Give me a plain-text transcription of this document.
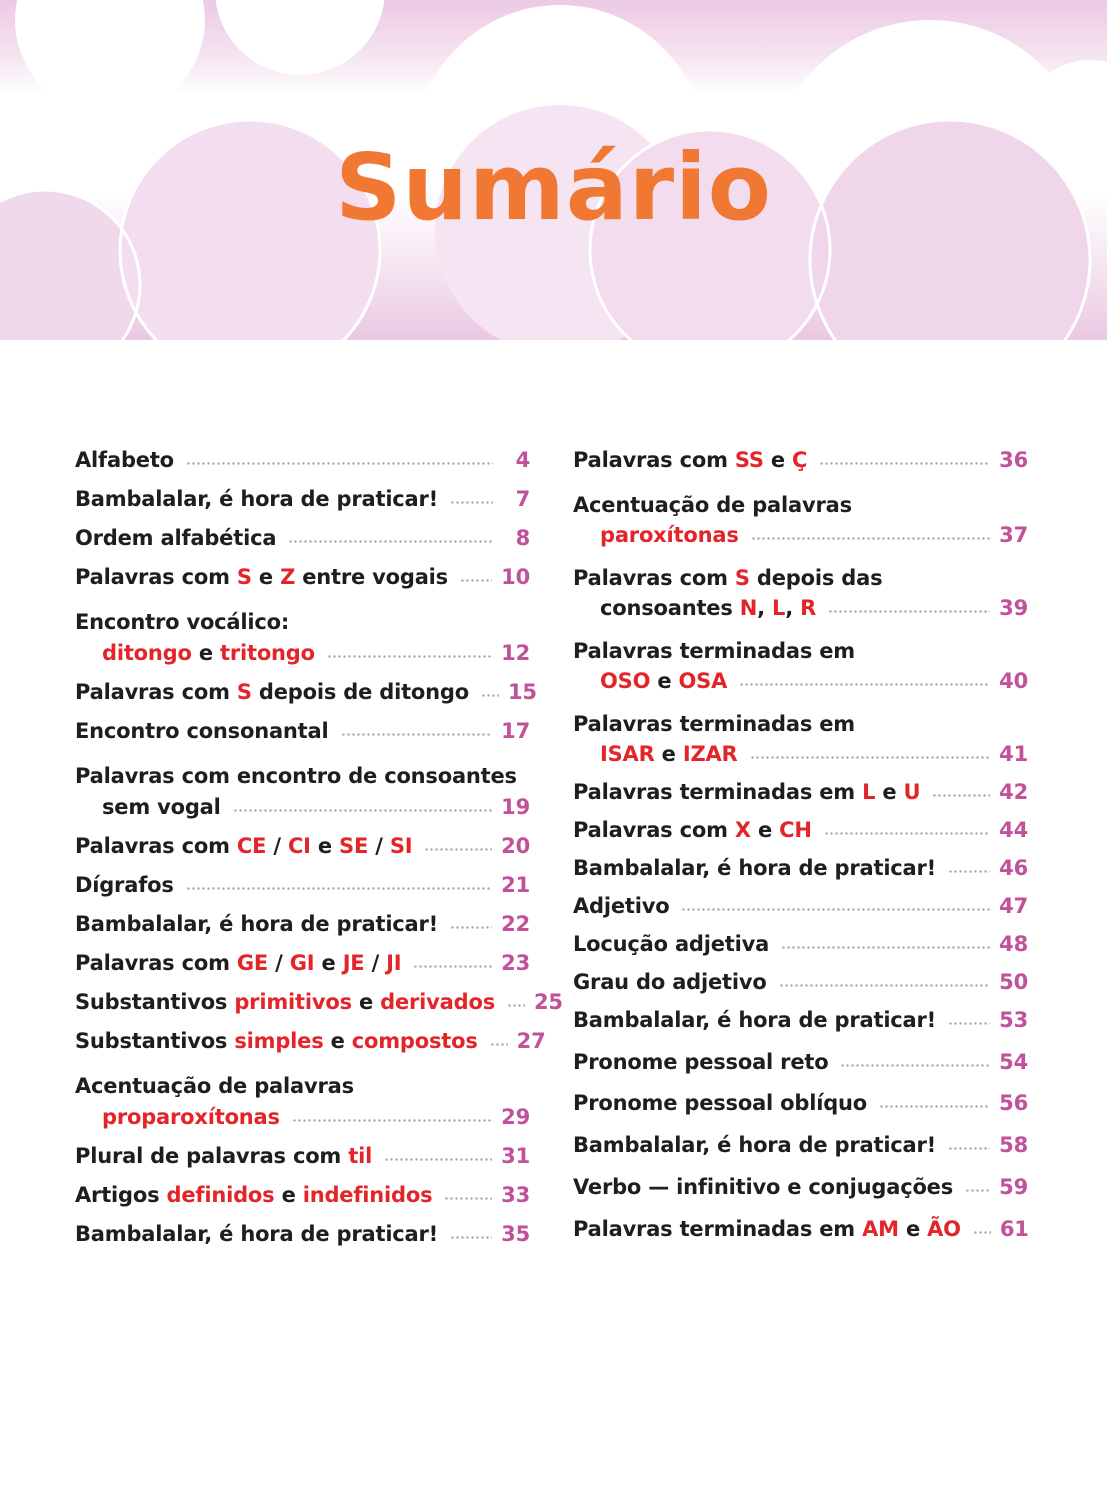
Sumário
Alfabeto	4
Bambalalar, é hora de praticar!	7
Ordem alfabética	8
Palavras com S e Z entre vogais	10
Encontro vocálico:
ditongo e tritongo	12
Palavras com S depois de ditongo 15
Encontro consonantal	17
Palavras com encontro de consoantes
sem vogal	19
Palavras com CE / CI e SE / SI	20
Dígrafos	21
Bambalalar, é hora de praticar!	22
Palavras com GE / GI e JE / JI	23
Substantivos primitivos e derivados 25
Substantivos simples e compostos 27
Acentuação de palavras
proparoxítonas	29
Plural de palavras com til	31
Artigos definidos e indefinidos	33
Bambalalar, é hora de praticar!	35
Palavras com SS e Ç	36
Acentuação de palavras
paroxítonas	37
Palavras com S depois das
consoantes N, L, R	39
Palavras terminadas em
OSO e OSA	40
Palavras terminadas em
ISAR e IZAR	41
Palavras terminadas em L e U	42
Palavras com X e CH	44
Bambalalar, é hora de praticar!	46
Adjetivo	47
Locução adjetiva	48
Grau do adjetivo	50
Bambalalar, é hora de praticar!	53
Pronome pessoal reto	54
Pronome pessoal oblíquo	56
Bambalalar, é hora de praticar!	58
Verbo — infinitivo e conjugações 59
Palavras terminadas em AM e ÃO 61
